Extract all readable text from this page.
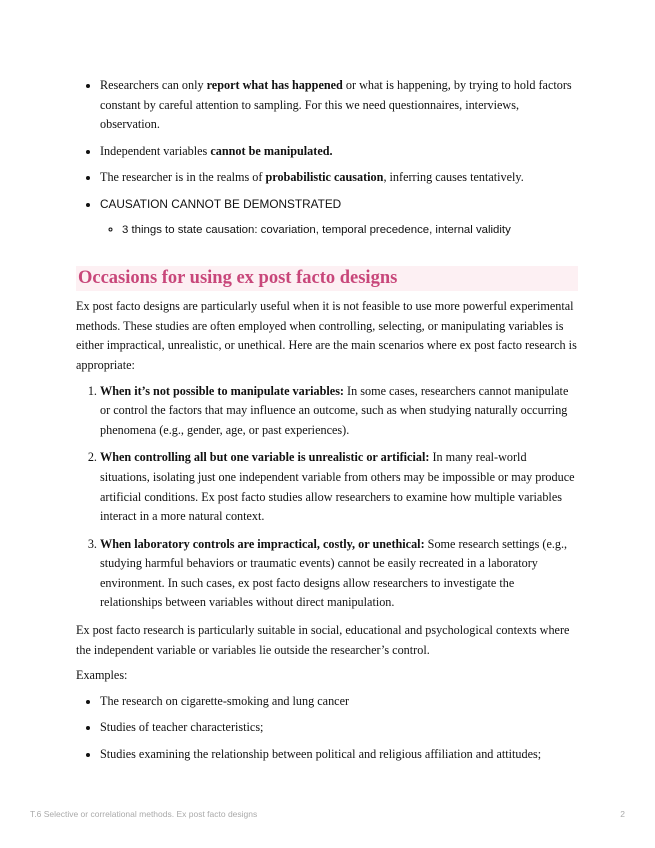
• Researchers can only report what has happened or what is happening, by trying to hold factors constant by careful attention to sampling. For this we need questionnaires, interviews, observation.
• Independent variables cannot be manipulated.
• The researcher is in the realms of probabilistic causation, inferring causes tentatively.
• CAUSATION CANNOT BE DEMONSTRATED
◦ 3 things to state causation: covariation, temporal precedence, internal validity
Occasions for using ex post facto designs

Ex post facto designs are particularly useful when it is not feasible to use more powerful experimental methods. These studies are often employed when controlling, selecting, or manipulating variables is either impractical, unrealistic, or unethical. Here are the main scenarios where ex post facto research is appropriate:

1. When it’s not possible to manipulate variables: In some cases, researchers cannot manipulate or control the factors that may influence an outcome, such as when studying naturally occurring phenomena (e.g., gender, age, or past experiences).
2. When controlling all but one variable is unrealistic or artificial: In many real-world situations, isolating just one independent variable from others may be impossible or may produce artificial conditions. Ex post facto studies allow researchers to examine how multiple variables interact in a more natural context.
3. When laboratory controls are impractical, costly, or unethical: Some research settings (e.g., studying harmful behaviors or traumatic events) cannot be easily recreated in a laboratory environment. In such cases, ex post facto designs allow researchers to investigate the relationships between variables without direct manipulation.

Ex post facto research is particularly suitable in social, educational and psychological contexts where the independent variable or variables lie outside the researcher’s control.

Examples:

• The research on cigarette-smoking and lung cancer
• Studies of teacher characteristics;
• Studies examining the relationship between political and religious affiliation and attitudes;
T.6 Selective or correlational methods. Ex post facto designs	2
